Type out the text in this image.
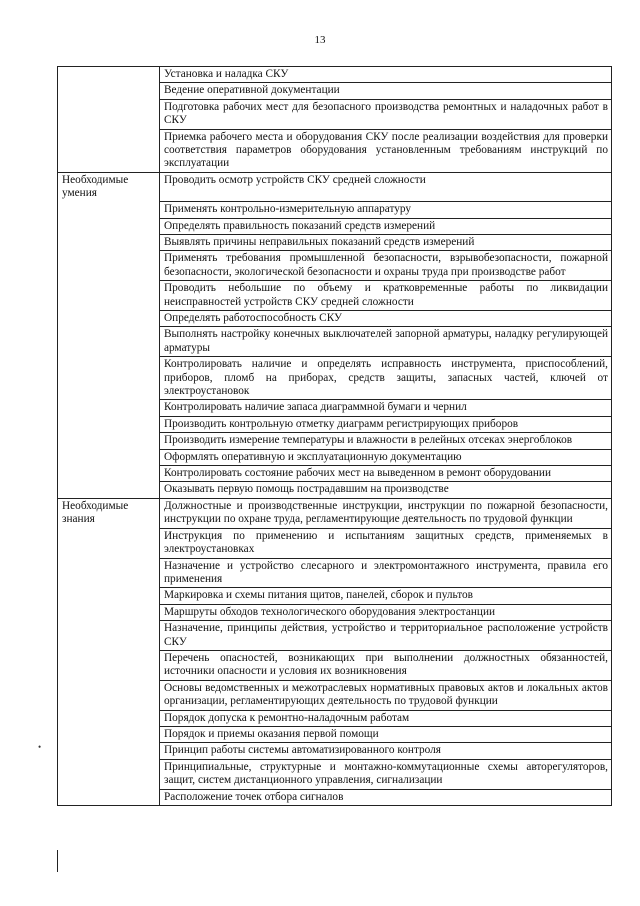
13
	Установка и наладка СКУ
	Ведение оперативной документации
	Подготовка рабочих мест для безопасного производства ремонтных и наладочных работ в СКУ
	Приемка рабочего места и оборудования СКУ после реализации воздействия для проверки соответствия параметров оборудования установленным требованиям инструкций по эксплуатации
Необходимые умения	Проводить осмотр устройств СКУ средней сложности
	Применять контрольно-измерительную аппаратуру
	Определять правильность показаний средств измерений
	Выявлять причины неправильных показаний средств измерений
	Применять требования промышленной безопасности, взрывобезопасности, пожарной безопасности, экологической безопасности и охраны труда при производстве работ
	Проводить небольшие по объему и кратковременные работы по ликвидации неисправностей устройств СКУ средней сложности
	Определять работоспособность СКУ
	Выполнять настройку конечных выключателей запорной арматуры, наладку регулирующей арматуры
	Контролировать наличие и определять исправность инструмента, приспособлений, приборов, пломб на приборах, средств защиты, запасных частей, ключей от электроустановок
	Контролировать наличие запаса диаграммной бумаги и чернил
	Производить контрольную отметку диаграмм регистрирующих приборов
	Производить измерение температуры и влажности в релейных отсеках энергоблоков
	Оформлять оперативную и эксплуатационную документацию
	Контролировать состояние рабочих мест на выведенном в ремонт оборудовании
	Оказывать первую помощь пострадавшим на производстве
Необходимые знания	Должностные и производственные инструкции, инструкции по пожарной безопасности, инструкции по охране труда, регламентирующие деятельность по трудовой функции
	Инструкция по применению и испытаниям защитных средств, применяемых в электроустановках
	Назначение и устройство слесарного и электромонтажного инструмента, правила его применения
	Маркировка и схемы питания щитов, панелей, сборок и пультов
	Маршруты обходов технологического оборудования электростанции
	Назначение, принципы действия, устройство и территориальное расположение устройств СКУ
	Перечень опасностей, возникающих при выполнении должностных обязанностей, источники опасности и условия их возникновения
	Основы ведомственных и межотраслевых нормативных правовых актов и локальных актов организации, регламентирующих деятельность по трудовой функции
	Порядок допуска к ремонтно-наладочным работам
	Порядок и приемы оказания первой помощи
	Принцип работы системы автоматизированного контроля
	Принципиальные, структурные и монтажно-коммутационные схемы авторегуляторов, защит, систем дистанционного управления, сигнализации
	Расположение точек отбора сигналов
•
